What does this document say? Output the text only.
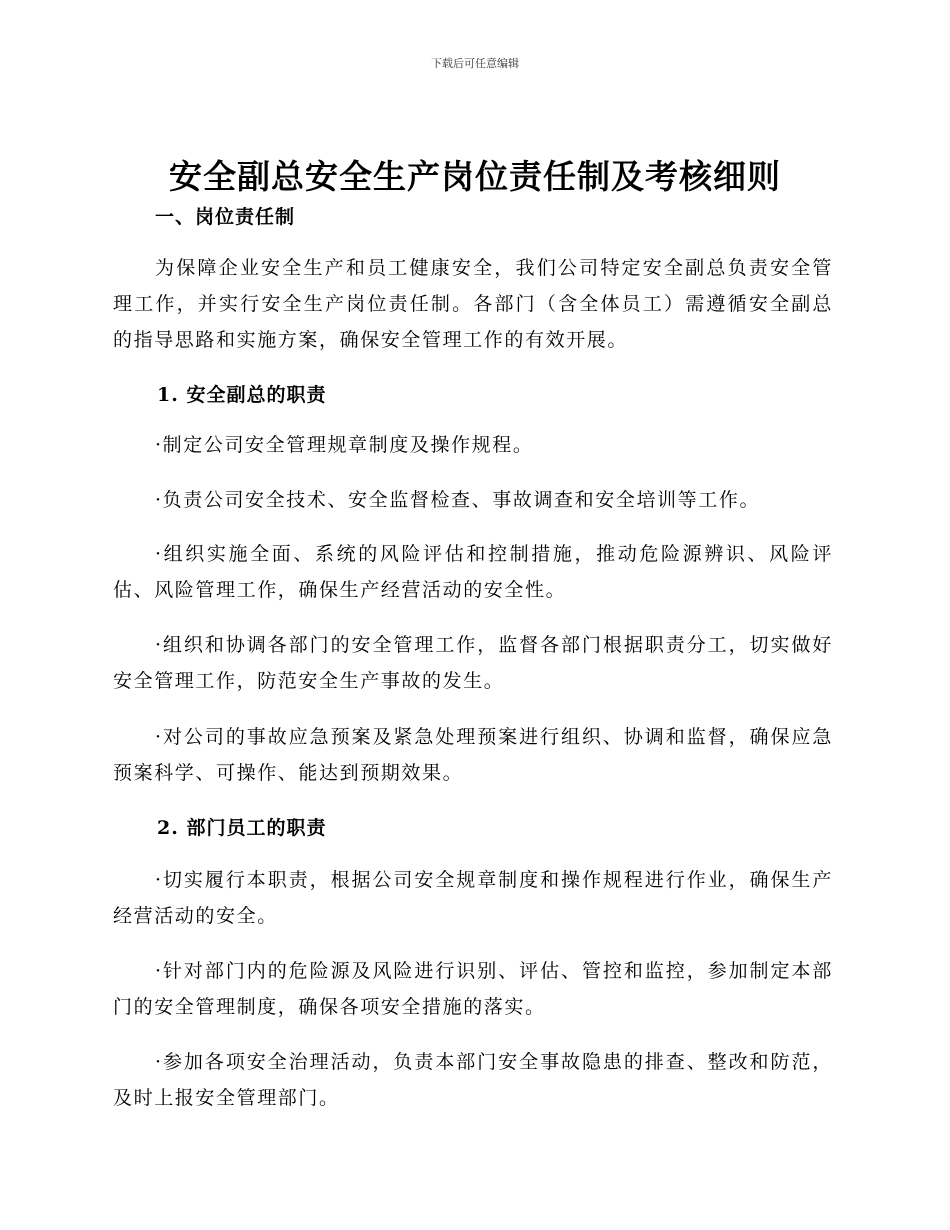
下载后可任意编辑
安全副总安全生产岗位责任制及考核细则
一、岗位责任制

为保障企业安全生产和员工健康安全，我们公司特定安全副总负责安全管理工作，并实行安全生产岗位责任制。各部门（含全体员工）需遵循安全副总的指导思路和实施方案，确保安全管理工作的有效开展。

1. 安全副总的职责

·制定公司安全管理规章制度及操作规程。

·负责公司安全技术、安全监督检查、事故调查和安全培训等工作。

·组织实施全面、系统的风险评估和控制措施，推动危险源辨识、风险评估、风险管理工作，确保生产经营活动的安全性。

·组织和协调各部门的安全管理工作，监督各部门根据职责分工，切实做好安全管理工作，防范安全生产事故的发生。

·对公司的事故应急预案及紧急处理预案进行组织、协调和监督，确保应急预案科学、可操作、能达到预期效果。

2. 部门员工的职责

·切实履行本职责，根据公司安全规章制度和操作规程进行作业，确保生产经营活动的安全。

·针对部门内的危险源及风险进行识别、评估、管控和监控，参加制定本部门的安全管理制度，确保各项安全措施的落实。

·参加各项安全治理活动，负责本部门安全事故隐患的排查、整改和防范，及时上报安全管理部门。
